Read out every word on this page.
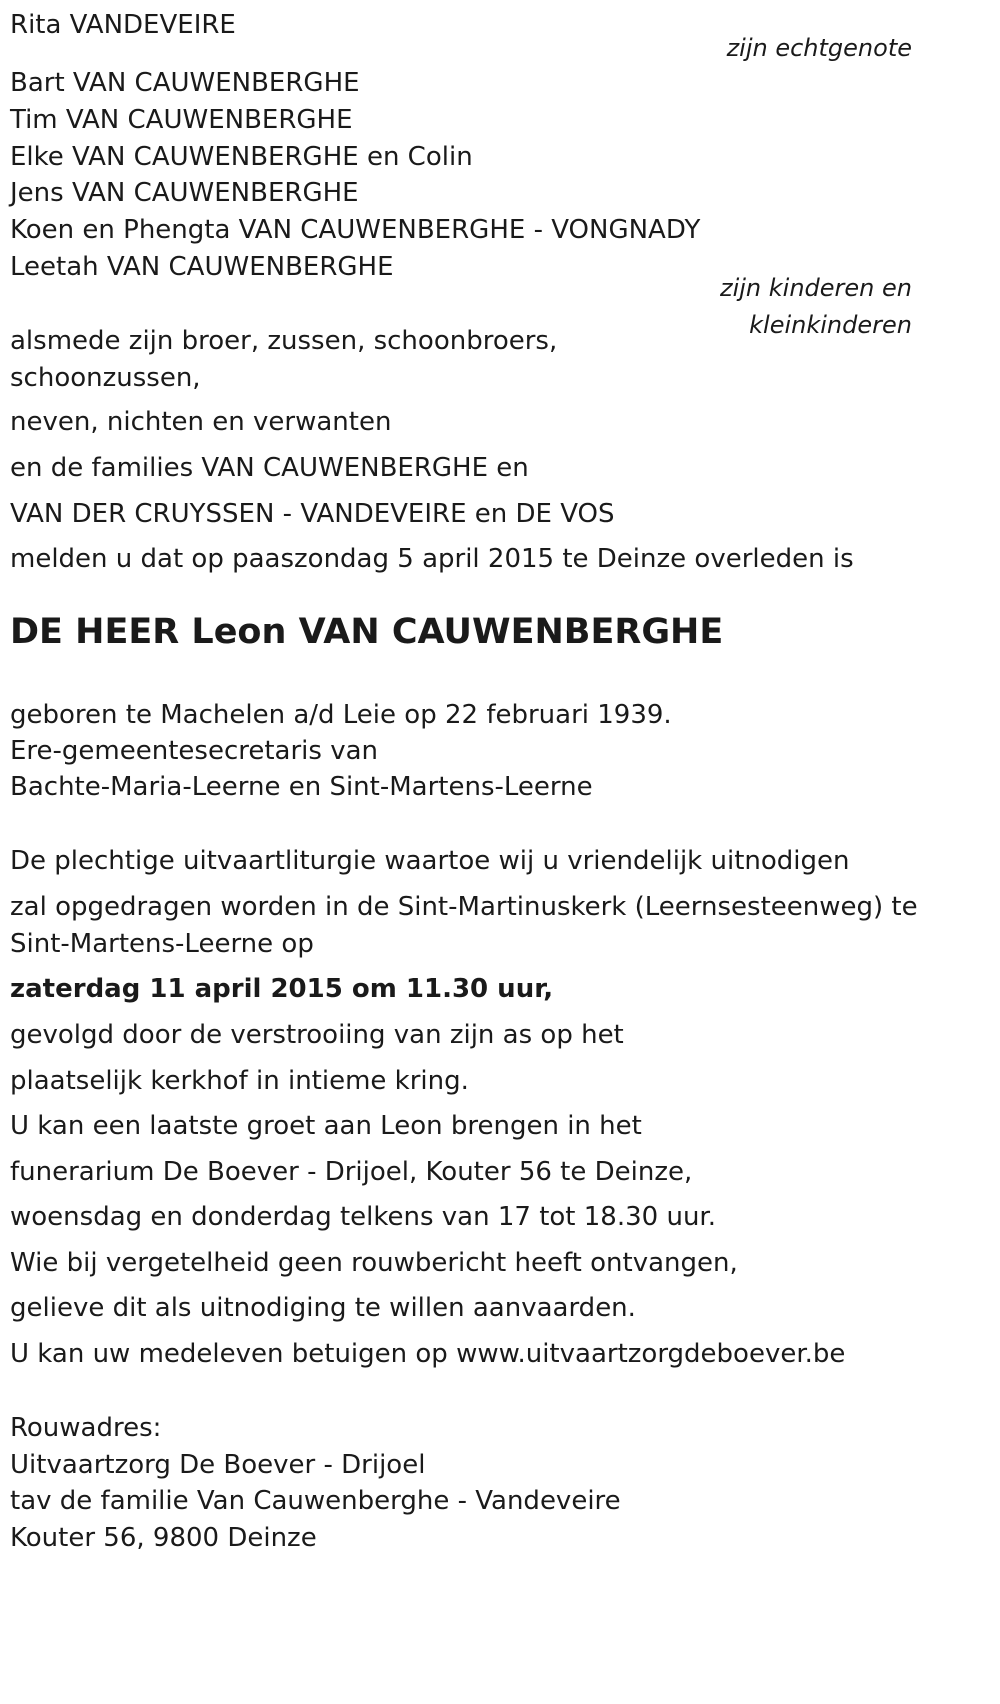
Rita VANDEVEIRE
zijn echtgenote
Bart VAN CAUWENBERGHE
Tim VAN CAUWENBERGHE
Elke VAN CAUWENBERGHE en Colin
Jens VAN CAUWENBERGHE
Koen en Phengta VAN CAUWENBERGHE - VONGNADY
Leetah VAN CAUWENBERGHE
zijn kinderen en
kleinkinderen
alsmede zijn broer, zussen, schoonbroers,
schoonzussen,
neven, nichten en verwanten
en de families VAN CAUWENBERGHE en
VAN DER CRUYSSEN - VANDEVEIRE en DE VOS
melden u dat op paaszondag 5 april 2015 te Deinze overleden is
DE HEER Leon VAN CAUWENBERGHE
geboren te Machelen a/d Leie op 22 februari 1939.
Ere-gemeentesecretaris van
Bachte-Maria-Leerne en Sint-Martens-Leerne
De plechtige uitvaartliturgie waartoe wij u vriendelijk uitnodigen
zal opgedragen worden in de Sint-Martinuskerk (Leernsesteenweg) te
Sint-Martens-Leerne op
zaterdag 11 april 2015 om 11.30 uur,
gevolgd door de verstrooiing van zijn as op het
plaatselijk kerkhof in intieme kring.
U kan een laatste groet aan Leon brengen in het
funerarium De Boever - Drijoel, Kouter 56 te Deinze,
woensdag en donderdag telkens van 17 tot 18.30 uur.
Wie bij vergetelheid geen rouwbericht heeft ontvangen,
gelieve dit als uitnodiging te willen aanvaarden.
U kan uw medeleven betuigen op www.uitvaartzorgdeboever.be
Rouwadres:
Uitvaartzorg De Boever - Drijoel
tav de familie Van Cauwenberghe - Vandeveire
Kouter 56, 9800 Deinze
